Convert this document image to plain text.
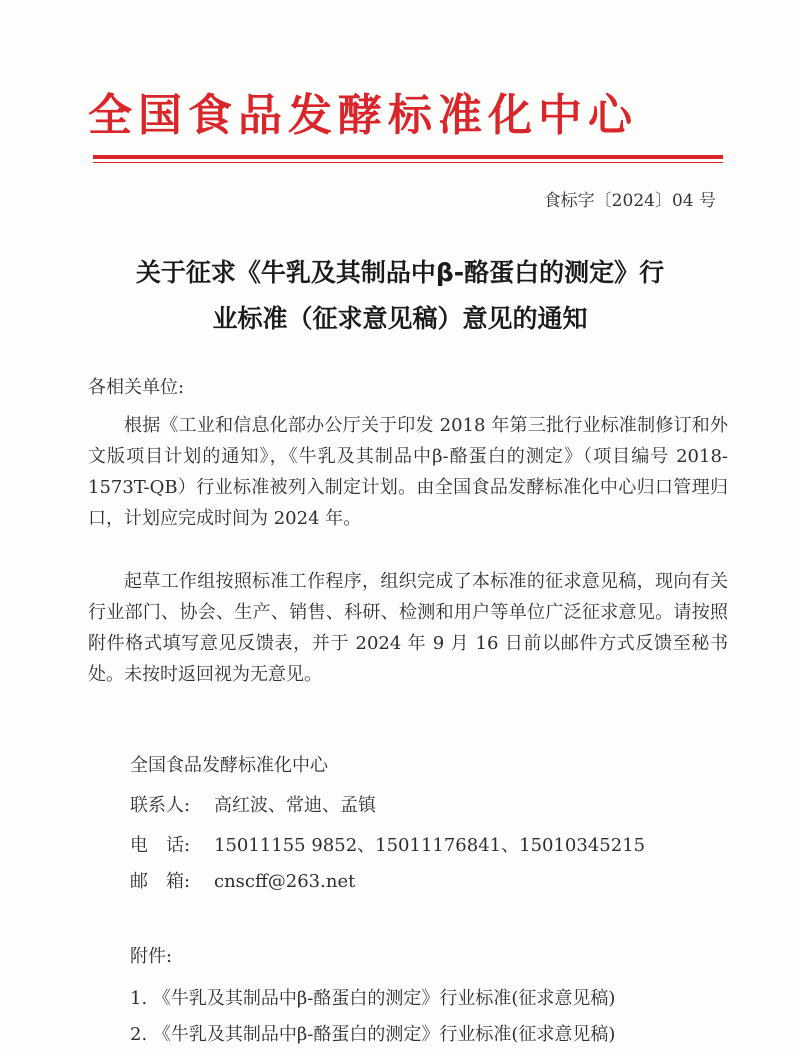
全国食品发酵标准化中心
食标字〔2024〕04 号
关于征求《牛乳及其制品中β-酪蛋白的测定》行
业标准（征求意见稿）意见的通知
各相关单位:
根据《工业和信息化部办公厅关于印发 2018 年第三批行业标准制修订和外文版项目计划的通知》，《牛乳及其制品中β-酪蛋白的测定》（项目编号 2018-1573T-QB）行业标准被列入制定计划。由全国食品发酵标准化中心归口管理归口，计划应完成时间为 2024 年。
起草工作组按照标准工作程序，组织完成了本标准的征求意见稿，现向有关行业部门、协会、生产、销售、科研、检测和用户等单位广泛征求意见。请按照附件格式填写意见反馈表，并于 2024 年 9 月 16 日前以邮件方式反馈至秘书处。未按时返回视为无意见。
全国食品发酵标准化中心
联系人: 高红波、常迪、孟镇
电　话: 15011155 9852、15011176841、15010345215
邮　箱: cnscff@263.net
附件:
1. 《牛乳及其制品中β-酪蛋白的测定》行业标准(征求意见稿)
2. 《牛乳及其制品中β-酪蛋白的测定》行业标准(征求意见稿)
